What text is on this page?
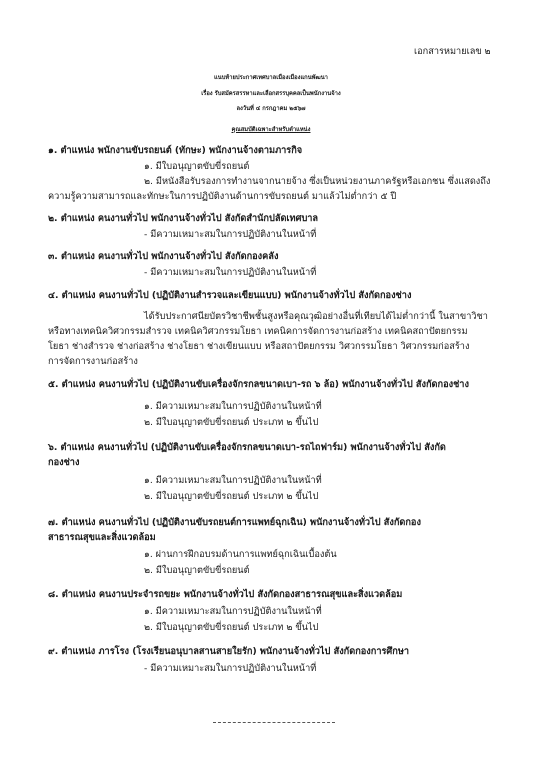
เอกสารหมายเลข ๒
แนบท้ายประกาศเทศบาลเมืองเมืองแกนพัฒนา
เรื่อง รับสมัครสรรหาและเลือกสรรบุคคลเป็นพนักงานจ้าง
ลงวันที่ ๔ กรกฎาคม ๒๕๖๗
คุณสมบัติเฉพาะสำหรับตำแหน่ง
๑. ตำแหน่ง พนักงานขับรถยนต์ (ทักษะ) พนักงานจ้างตามภารกิจ
๑. มีใบอนุญาตขับขี่รถยนต์
๒. มีหนังสือรับรองการทำงานจากนายจ้าง ซึ่งเป็นหน่วยงานภาครัฐหรือเอกชน ซึ่งแสดงถึง
ความรู้ความสามารถและทักษะในการปฏิบัติงานด้านการขับรถยนต์ มาแล้วไม่ต่ำกว่า ๕ ปี
๒. ตำแหน่ง คนงานทั่วไป พนักงานจ้างทั่วไป สังกัดสำนักปลัดเทศบาล
- มีความเหมาะสมในการปฏิบัติงานในหน้าที่
๓. ตำแหน่ง คนงานทั่วไป พนักงานจ้างทั่วไป สังกัดกองคลัง
- มีความเหมาะสมในการปฏิบัติงานในหน้าที่
๔. ตำแหน่ง คนงานทั่วไป (ปฏิบัติงานสำรวจและเขียนแบบ) พนักงานจ้างทั่วไป สังกัดกองช่าง
ได้รับประกาศนียบัตรวิชาชีพชั้นสูงหรือคุณวุฒิอย่างอื่นที่เทียบได้ไม่ต่ำกว่านี้ ในสาขาวิชา
หรือทางเทคนิควิศวกรรมสำรวจ เทคนิควิศวกรรมโยธา เทคนิคการจัดการงานก่อสร้าง เทคนิคสถาปัตยกรรม
โยธา ช่างสำรวจ ช่างก่อสร้าง ช่างโยธา ช่างเขียนแบบ หรือสถาปัตยกรรม วิศวกรรมโยธา วิศวกรรมก่อสร้าง
การจัดการงานก่อสร้าง
๕. ตำแหน่ง คนงานทั่วไป (ปฏิบัติงานขับเครื่องจักรกลขนาดเบา-รถ ๖ ล้อ) พนักงานจ้างทั่วไป สังกัดกองช่าง
๑. มีความเหมาะสมในการปฏิบัติงานในหน้าที่
๒. มีใบอนุญาตขับขี่รถยนต์ ประเภท ๒ ขึ้นไป
๖. ตำแหน่ง คนงานทั่วไป (ปฏิบัติงานขับเครื่องจักรกลขนาดเบา-รถไถฟาร์ม) พนักงานจ้างทั่วไป สังกัด
กองช่าง
๑. มีความเหมาะสมในการปฏิบัติงานในหน้าที่
๒. มีใบอนุญาตขับขี่รถยนต์ ประเภท ๒ ขึ้นไป
๗. ตำแหน่ง คนงานทั่วไป (ปฏิบัติงานขับรถยนต์การแพทย์ฉุกเฉิน) พนักงานจ้างทั่วไป สังกัดกอง
สาธารณสุขและสิ่งแวดล้อม
๑. ผ่านการฝึกอบรมด้านการแพทย์ฉุกเฉินเบื้องต้น
๒. มีใบอนุญาตขับขี่รถยนต์
๘. ตำแหน่ง คนงานประจำรถขยะ พนักงานจ้างทั่วไป สังกัดกองสาธารณสุขและสิ่งแวดล้อม
๑. มีความเหมาะสมในการปฏิบัติงานในหน้าที่
๒. มีใบอนุญาตขับขี่รถยนต์ ประเภท ๒ ขึ้นไป
๙. ตำแหน่ง ภารโรง (โรงเรียนอนุบาลสานสายใยรัก) พนักงานจ้างทั่วไป สังกัดกองการศึกษา
- มีความเหมาะสมในการปฏิบัติงานในหน้าที่
